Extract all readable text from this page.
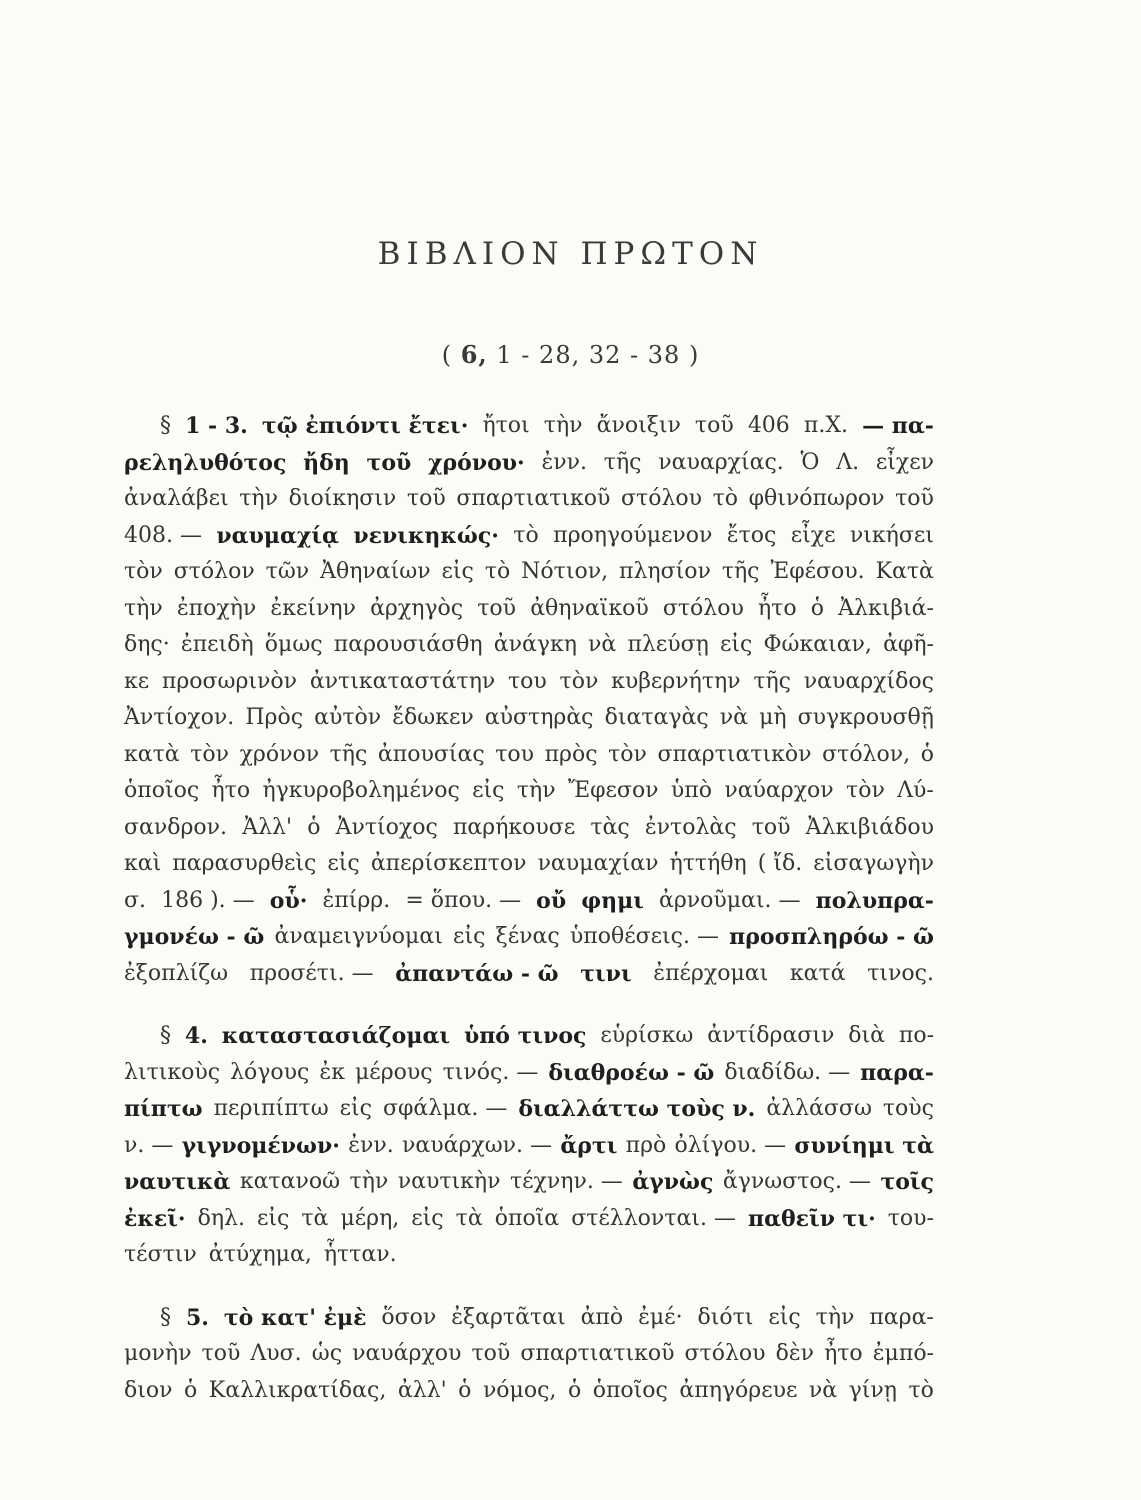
ΒΙΒΛΙΟΝ ΠΡΩΤΟΝ
( 6, 1 - 28, 32 - 38 )
§ 1 - 3. τῷ ἐπιόντι ἔτει· ἤτοι τὴν ἄνοιξιν τοῦ 406 π.Χ. — πα-
ρεληλυθότος ἤδη τοῦ χρόνου· ἐνν. τῆς ναυαρχίας. Ὁ Λ. εἶχεν
ἀναλάβει τὴν διοίκησιν τοῦ σπαρτιατικοῦ στόλου τὸ φθινόπωρον τοῦ
408. — ναυμαχίᾳ νενικηκώς· τὸ προηγούμενον ἔτος εἶχε νικήσει
τὸν στόλον τῶν Ἀθηναίων εἰς τὸ Νότιον, πλησίον τῆς Ἐφέσου. Κατὰ
τὴν ἐποχὴν ἐκείνην ἀρχηγὸς τοῦ ἀθηναϊκοῦ στόλου ἦτο ὁ Ἀλκιβιά-
δης· ἐπειδὴ ὅμως παρουσιάσθη ἀνάγκη νὰ πλεύσῃ εἰς Φώκαιαν, ἀφῆ-
κε προσωρινὸν ἀντικαταστάτην του τὸν κυβερνήτην τῆς ναυαρχίδος
Ἀντίοχον. Πρὸς αὐτὸν ἔδωκεν αὐστηρὰς διαταγὰς νὰ μὴ συγκρουσθῇ
κατὰ τὸν χρόνον τῆς ἀπουσίας του πρὸς τὸν σπαρτιατικὸν στόλον, ὁ
ὁποῖος ἦτο ἠγκυροβολημένος εἰς τὴν Ἔφεσον ὑπὸ ναύαρχον τὸν Λύ-
σανδρον. Ἀλλ' ὁ Ἀντίοχος παρήκουσε τὰς ἐντολὰς τοῦ Ἀλκιβιάδου
καὶ παρασυρθεὶς εἰς ἀπερίσκεπτον ναυμαχίαν ἡττήθη ( ἴδ. εἰσαγωγὴν
σ. 186 ). — οὗ· ἐπίρρ. = ὅπου. — οὔ φημι ἀρνοῦμαι. — πολυπρα-
γμονέω - ῶ ἀναμειγνύομαι εἰς ξένας ὑποθέσεις. — προσπληρόω - ῶ
ἐξοπλίζω προσέτι. — ἀπαντάω - ῶ τινι ἐπέρχομαι κατά τινος.
§ 4. καταστασιάζομαι ὑπό τινος εὑρίσκω ἀντίδρασιν διὰ πο-
λιτικοὺς λόγους ἐκ μέρους τινός. — διαθροέω - ῶ διαδίδω. — παρα-
πίπτω περιπίπτω εἰς σφάλμα. — διαλλάττω τοὺς ν. ἀλλάσσω τοὺς
ν. — γιγνομένων· ἐνν. ναυάρχων. — ἄρτι πρὸ ὀλίγου. — συνίημι τὰ
ναυτικὰ κατανοῶ τὴν ναυτικὴν τέχνην. — ἀγνὼς ἄγνωστος. — τοῖς
ἐκεῖ· δηλ. εἰς τὰ μέρη, εἰς τὰ ὁποῖα στέλλονται. — παθεῖν τι· του-
τέστιν ἀτύχημα, ἧτταν.
§ 5. τὸ κατ' ἐμὲ ὅσον ἐξαρτᾶται ἀπὸ ἐμέ· διότι εἰς τὴν παρα-
μονὴν τοῦ Λυσ. ὡς ναυάρχου τοῦ σπαρτιατικοῦ στόλου δὲν ἦτο ἐμπό-
διον ὁ Καλλικρατίδας, ἀλλ' ὁ νόμος, ὁ ὁποῖος ἀπηγόρευε νὰ γίνῃ τὸ
